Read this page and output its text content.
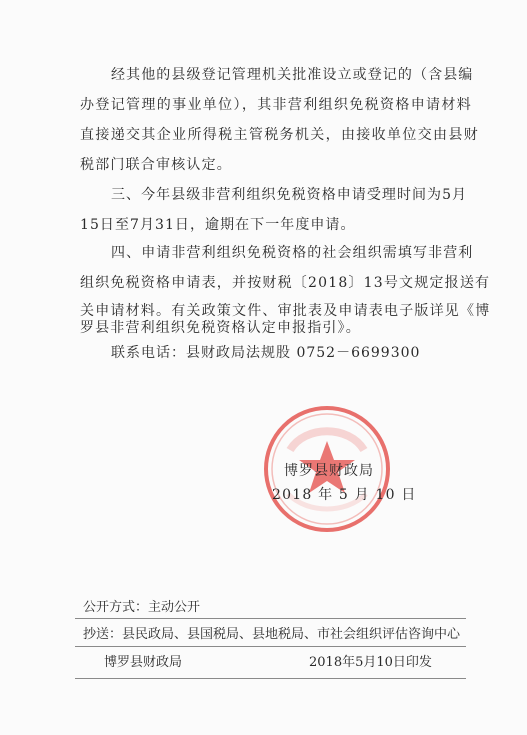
经其他的县级登记管理机关批准设立或登记的（含县编
办登记管理的事业单位），其非营利组织免税资格申请材料
直接递交其企业所得税主管税务机关，由接收单位交由县财
税部门联合审核认定。
三、今年县级非营利组织免税资格申请受理时间为5月
15日至7月31日，逾期在下一年度申请。
四、申请非营利组织免税资格的社会组织需填写非营利
组织免税资格申请表，并按财税〔2018〕13号文规定报送有
关申请材料。有关政策文件、审批表及申请表电子版详见《博
罗县非营利组织免税资格认定申报指引》。
联系电话：县财政局法规股 0752－6699300
博罗县财政局
2018 年 5 月 10 日
公开方式：主动公开
抄送：县民政局、县国税局、县地税局、市社会组织评估咨询中心
博罗县财政局	2018年5月10日印发
